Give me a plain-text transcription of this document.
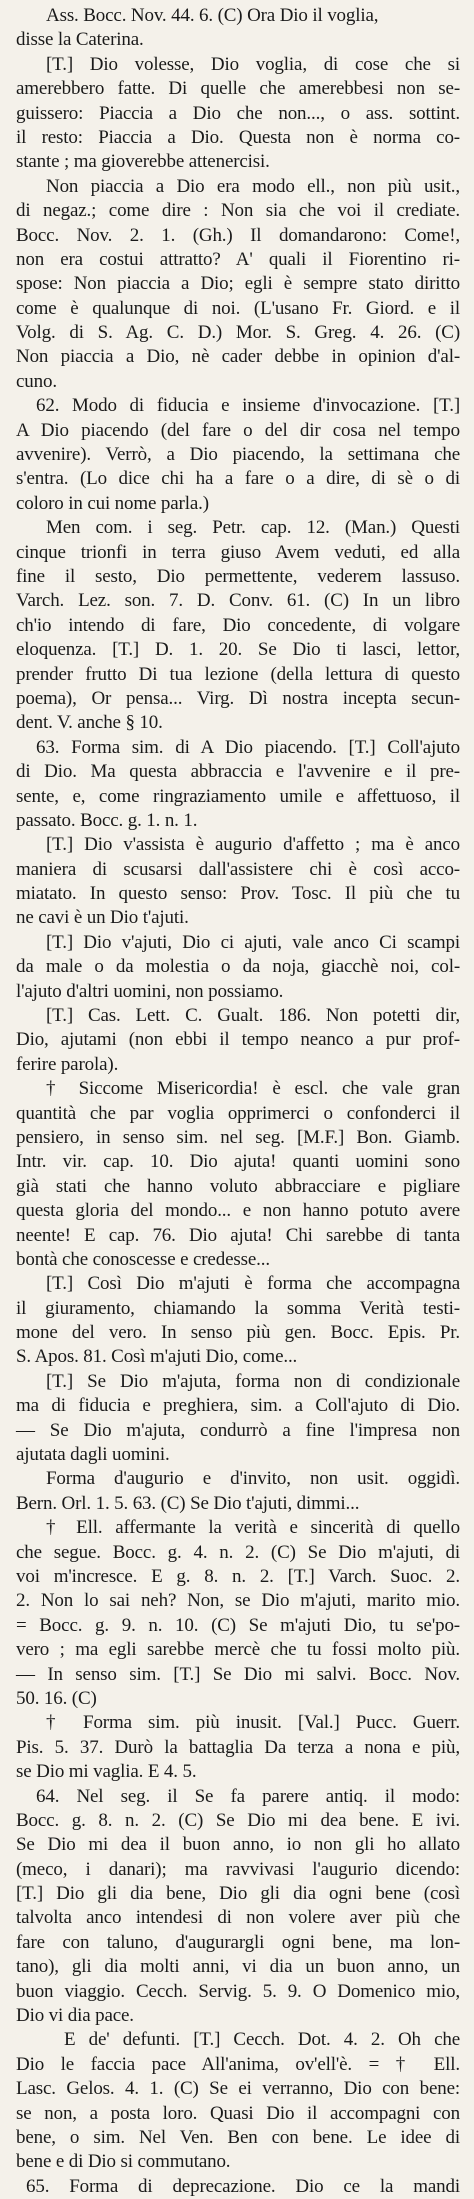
Ass. Bocc. Nov. 44. 6. (C) Ora Dio il voglia,
disse la Caterina.
[T.] Dio volesse, Dio voglia, di cose che si
amerebbero fatte. Di quelle che amerebbesi non se-
guissero: Piaccia a Dio che non..., o ass. sottint.
il resto: Piaccia a Dio. Questa non è norma co-
stante ; ma gioverebbe attenercisi.
Non piaccia a Dio era modo ell., non più usit.,
di negaz.; come dire : Non sia che voi il crediate.
Bocc. Nov. 2. 1. (Gh.) Il domandarono: Come!,
non era costui attratto? A' quali il Fiorentino ri-
spose: Non piaccia a Dio; egli è sempre stato diritto
come è qualunque di noi. (L'usano Fr. Giord. e il
Volg. di S. Ag. C. D.) Mor. S. Greg. 4. 26. (C)
Non piaccia a Dio, nè cader debbe in opinion d'al-
cuno.
62. Modo di fiducia e insieme d'invocazione. [T.]
A Dio piacendo (del fare o del dir cosa nel tempo
avvenire). Verrò, a Dio piacendo, la settimana che
s'entra. (Lo dice chi ha a fare o a dire, di sè o di
coloro in cui nome parla.)
Men com. i seg. Petr. cap. 12. (Man.) Questi
cinque trionfi in terra giuso Avem veduti, ed alla
fine il sesto, Dio permettente, vederem lassuso.
Varch. Lez. son. 7. D. Conv. 61. (C) In un libro
ch'io intendo di fare, Dio concedente, di volgare
eloquenza. [T.] D. 1. 20. Se Dio ti lasci, lettor,
prender frutto Di tua lezione (della lettura di questo
poema), Or pensa... Virg. Dì nostra incepta secun-
dent. V. anche § 10.
63. Forma sim. di A Dio piacendo. [T.] Coll'ajuto
di Dio. Ma questa abbraccia e l'avvenire e il pre-
sente, e, come ringraziamento umile e affettuoso, il
passato. Bocc. g. 1. n. 1.
[T.] Dio v'assista è augurio d'affetto ; ma è anco
maniera di scusarsi dall'assistere chi è così acco-
miatato. In questo senso: Prov. Tosc. Il più che tu
ne cavi è un Dio t'ajuti.
[T.] Dio v'ajuti, Dio ci ajuti, vale anco Ci scampi
da male o da molestia o da noja, giacchè noi, col-
l'ajuto d'altri uomini, non possiamo.
[T.] Cas. Lett. C. Gualt. 186. Non potetti dir,
Dio, ajutami (non ebbi il tempo neanco a pur prof-
ferire parola).
† Siccome Misericordia! è escl. che vale gran
quantità che par voglia opprimerci o confonderci il
pensiero, in senso sim. nel seg. [M.F.] Bon. Giamb.
Intr. vir. cap. 10. Dio ajuta! quanti uomini sono
già stati che hanno voluto abbracciare e pigliare
questa gloria del mondo... e non hanno potuto avere
neente! E cap. 76. Dio ajuta! Chi sarebbe di tanta
bontà che conoscesse e credesse...
[T.] Così Dio m'ajuti è forma che accompagna
il giuramento, chiamando la somma Verità testi-
mone del vero. In senso più gen. Bocc. Epis. Pr.
S. Apos. 81. Così m'ajuti Dio, come...
[T.] Se Dio m'ajuta, forma non di condizionale
ma di fiducia e preghiera, sim. a Coll'ajuto di Dio.
— Se Dio m'ajuta, condurrò a fine l'impresa non
ajutata dagli uomini.
Forma d'augurio e d'invito, non usit. oggidì.
Bern. Orl. 1. 5. 63. (C) Se Dio t'ajuti, dimmi...
† Ell. affermante la verità e sincerità di quello
che segue. Bocc. g. 4. n. 2. (C) Se Dio m'ajuti, di
voi m'increscе. E g. 8. n. 2. [T.] Varch. Suoc. 2.
2. Non lo sai neh? Non, se Dio m'ajuti, marito mio.
= Bocc. g. 9. n. 10. (C) Se m'ajuti Dio, tu se'po-
vero ; ma egli sarebbe mercè che tu fossi molto più.
— In senso sim. [T.] Se Dio mi salvi. Bocc. Nov.
50. 16. (C)
† Forma sim. più inusit. [Val.] Pucc. Guerr.
Pis. 5. 37. Durò la battaglia Da terza a nona e più,
se Dio mi vaglia. E 4. 5.
64. Nel seg. il Se fa parere antiq. il modo:
Bocc. g. 8. n. 2. (C) Se Dio mi dea bene. E ivi.
Se Dio mi dea il buon anno, io non gli ho allato
(meco, i danari); ma ravvivasi l'augurio dicendo:
[T.] Dio gli dia bene, Dio gli dia ogni bene (così
talvolta anco intendesi di non volere aver più che
fare con taluno, d'augurargli ogni bene, ma lon-
tano), gli dia molti anni, vi dia un buon anno, un
buon viaggio. Cecch. Servig. 5. 9. O Domenico mio,
Dio vi dia pace.
E de' defunti. [T.] Cecch. Dot. 4. 2. Oh che
Dio le faccia pace All'anima, ov'ell'è. = † Ell.
Lasc. Gelos. 4. 1. (C) Se ei verranno, Dio con bene:
se non, a posta loro. Quasi Dio il accompagni con
bene, o sim. Nel Ven. Ben con bene. Le idee di
bene e di Dio si commutano.
65. Forma di deprecazione. Dio ce la mandi
